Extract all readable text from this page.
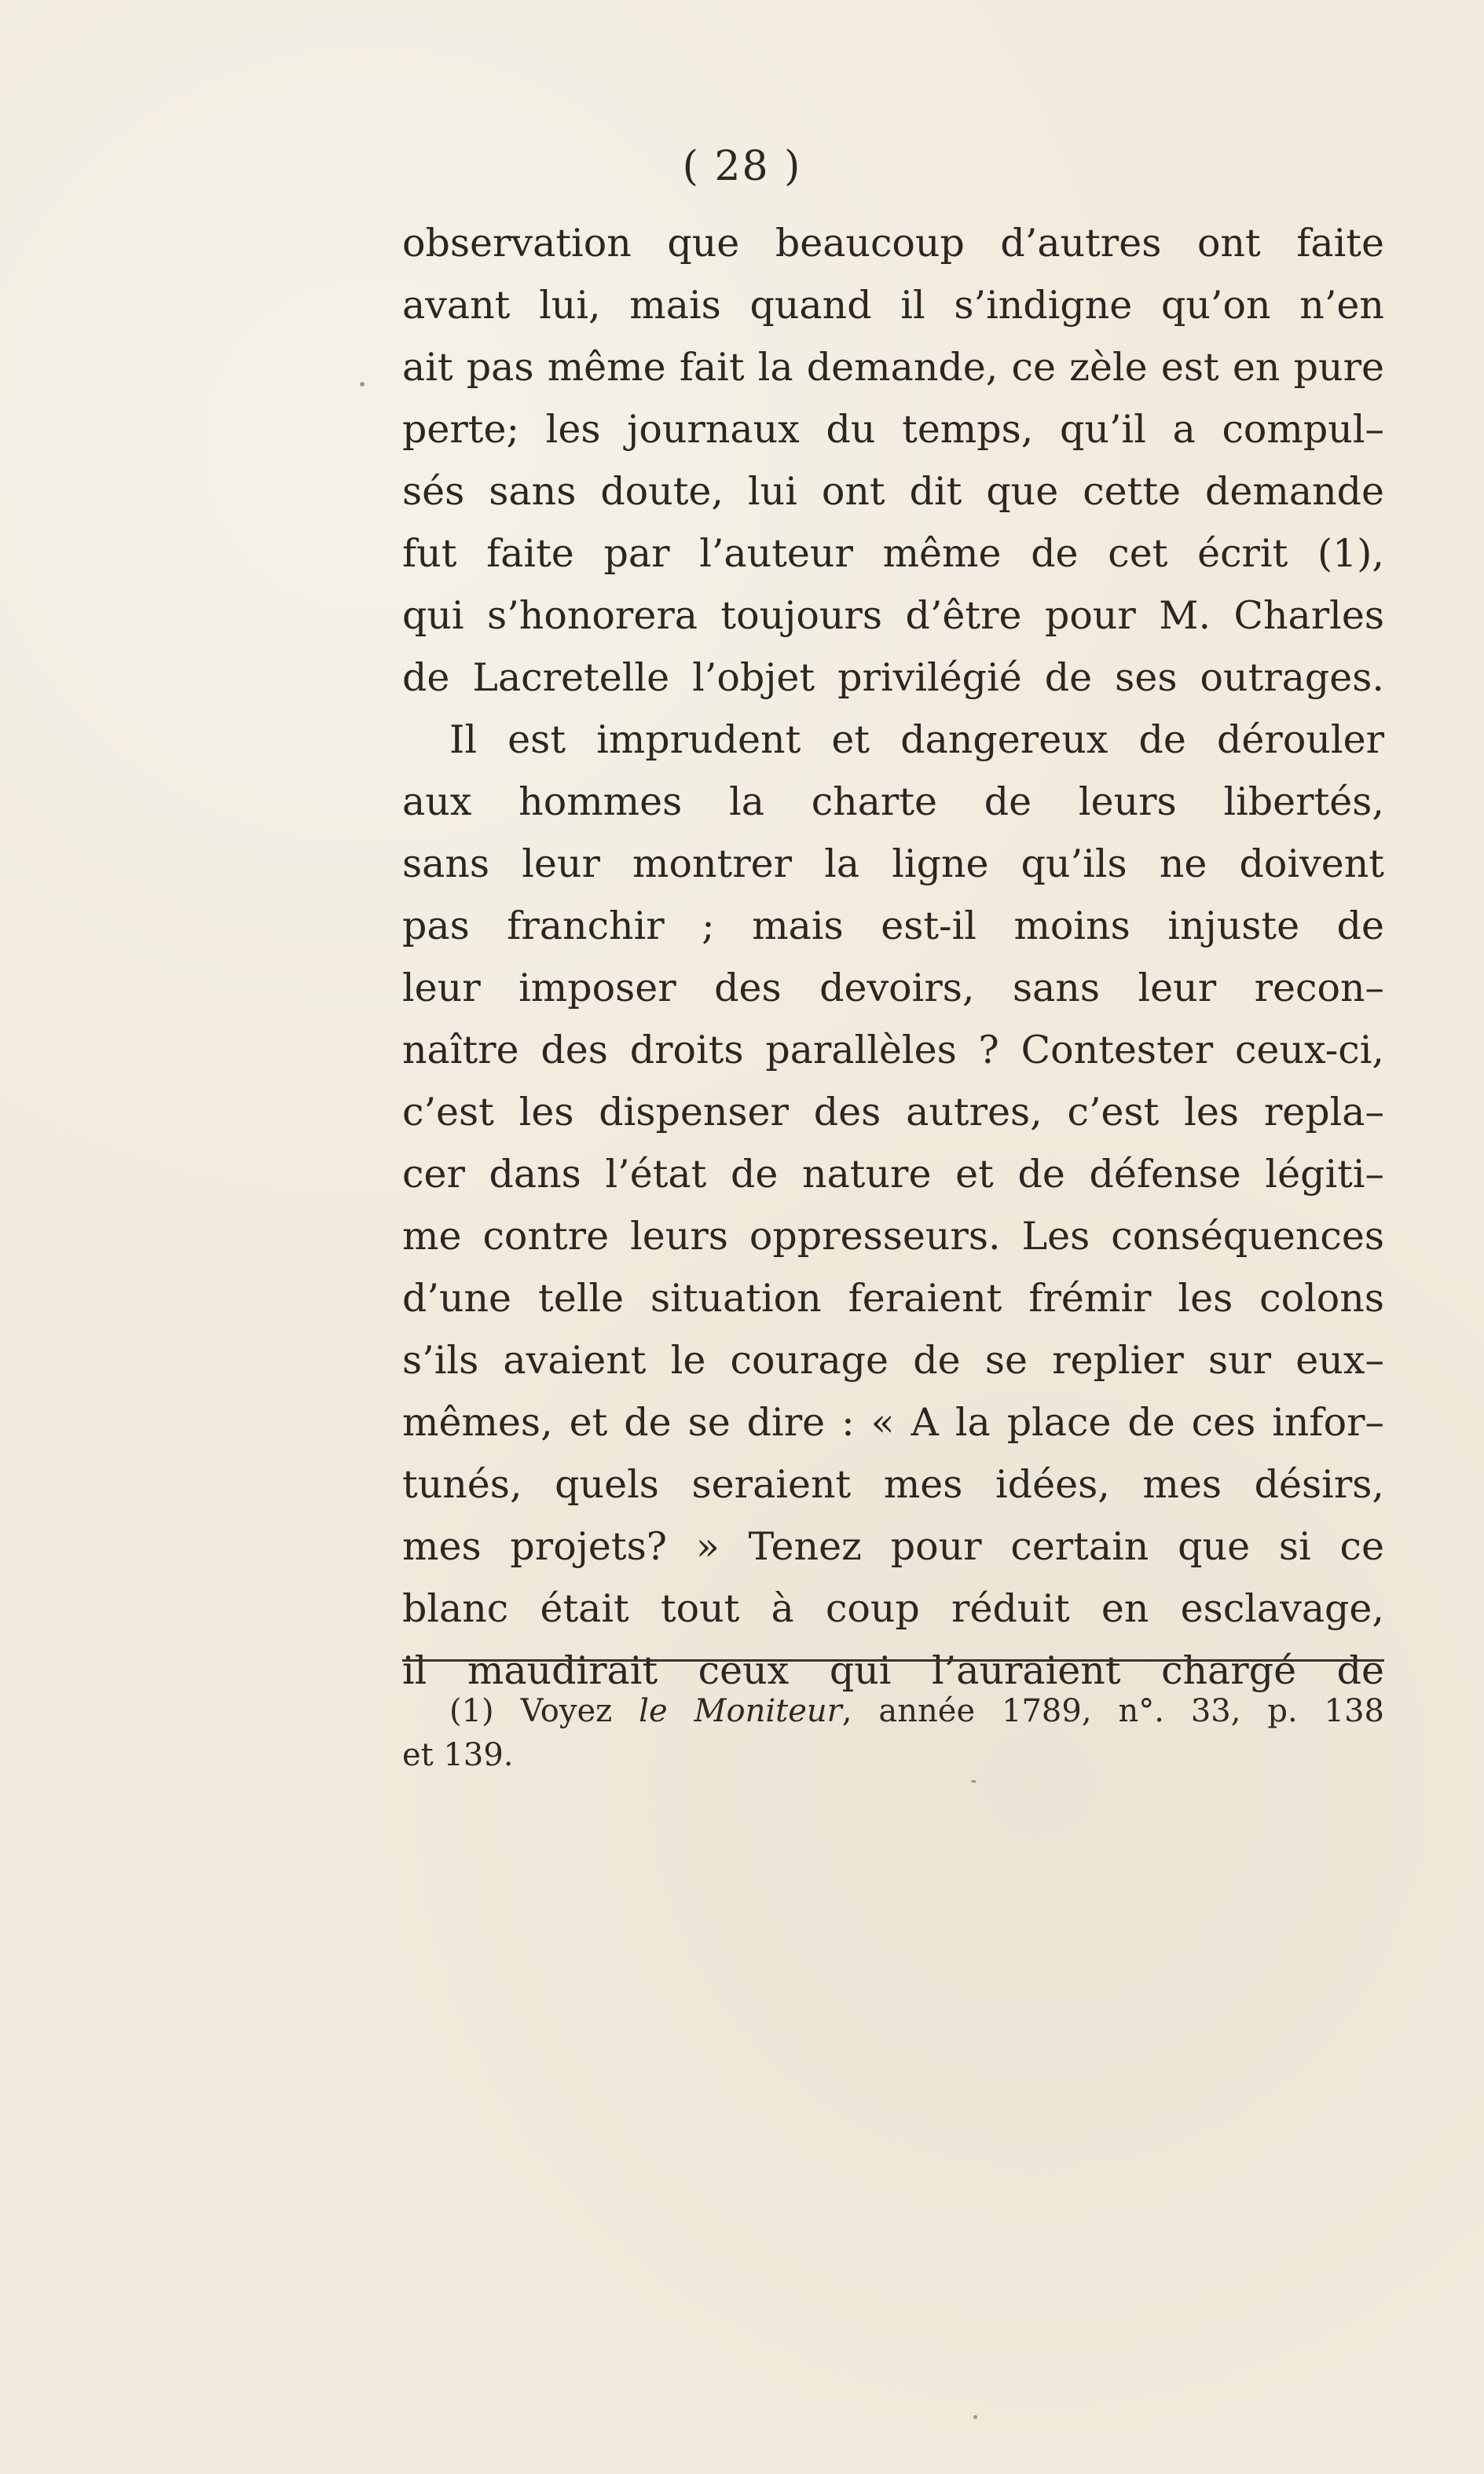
( 28 )
observation que beaucoup d’autres ont faite
avant lui, mais quand il s’indigne qu’on n’en
ait pas même fait la demande, ce zèle est en pure
perte; les journaux du temps, qu’il a compul–
sés sans doute, lui ont dit que cette demande
fut faite par l’auteur même de cet écrit (1),
qui s’honorera toujours d’être pour M. Charles
de Lacretelle l’objet privilégié de ses outrages.
Il est imprudent et dangereux de dérouler
aux hommes la charte de leurs libertés,
sans leur montrer la ligne qu’ils ne doivent
pas franchir ; mais est-il moins injuste de
leur imposer des devoirs, sans leur recon–
naître des droits parallèles ? Contester ceux-ci,
c’est les dispenser des autres, c’est les repla–
cer dans l’état de nature et de défense légiti–
me contre leurs oppresseurs. Les conséquences
d’une telle situation feraient frémir les colons
s’ils avaient le courage de se replier sur eux–
mêmes, et de se dire : « A la place de ces infor–
tunés, quels seraient mes idées, mes désirs,
mes projets? » Tenez pour certain que si ce
blanc était tout à coup réduit en esclavage,
il maudirait ceux qui l’auraient chargé de
(1) Voyez le Moniteur, année 1789, n°. 33, p. 138
et 139.
